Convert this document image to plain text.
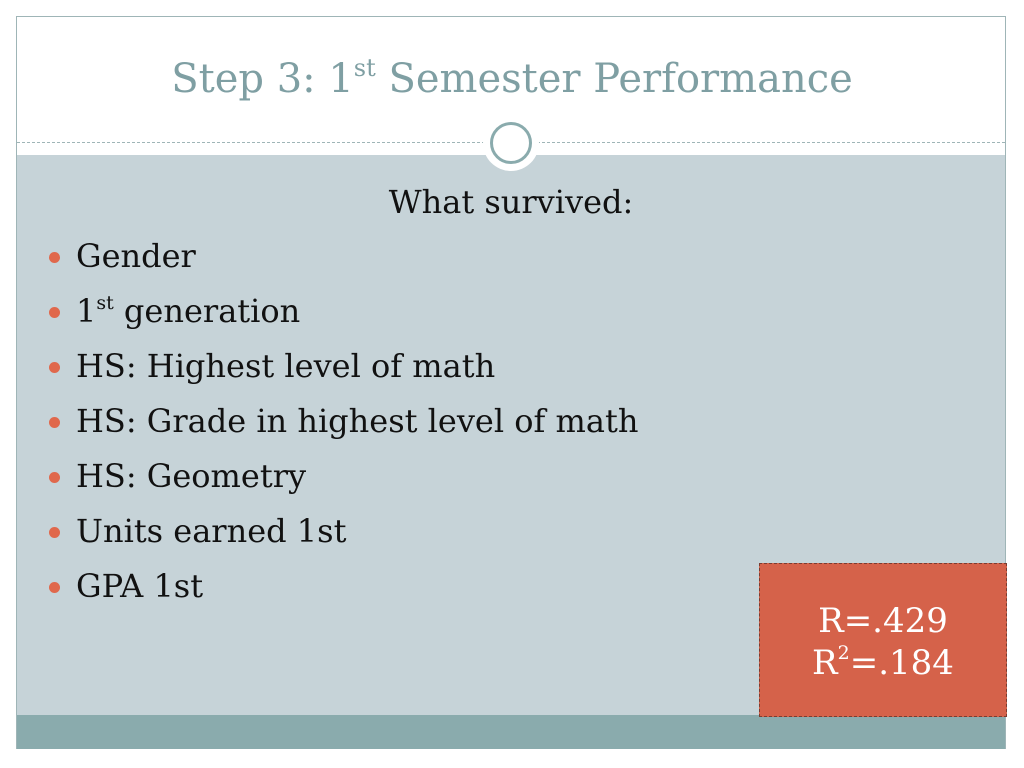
Step 3: 1st Semester Performance
What survived:
Gender
1st generation
HS: Highest level of math
HS: Grade in highest level of math
HS: Geometry
Units earned 1st
GPA 1st
R=.429
$R^2=.184$
